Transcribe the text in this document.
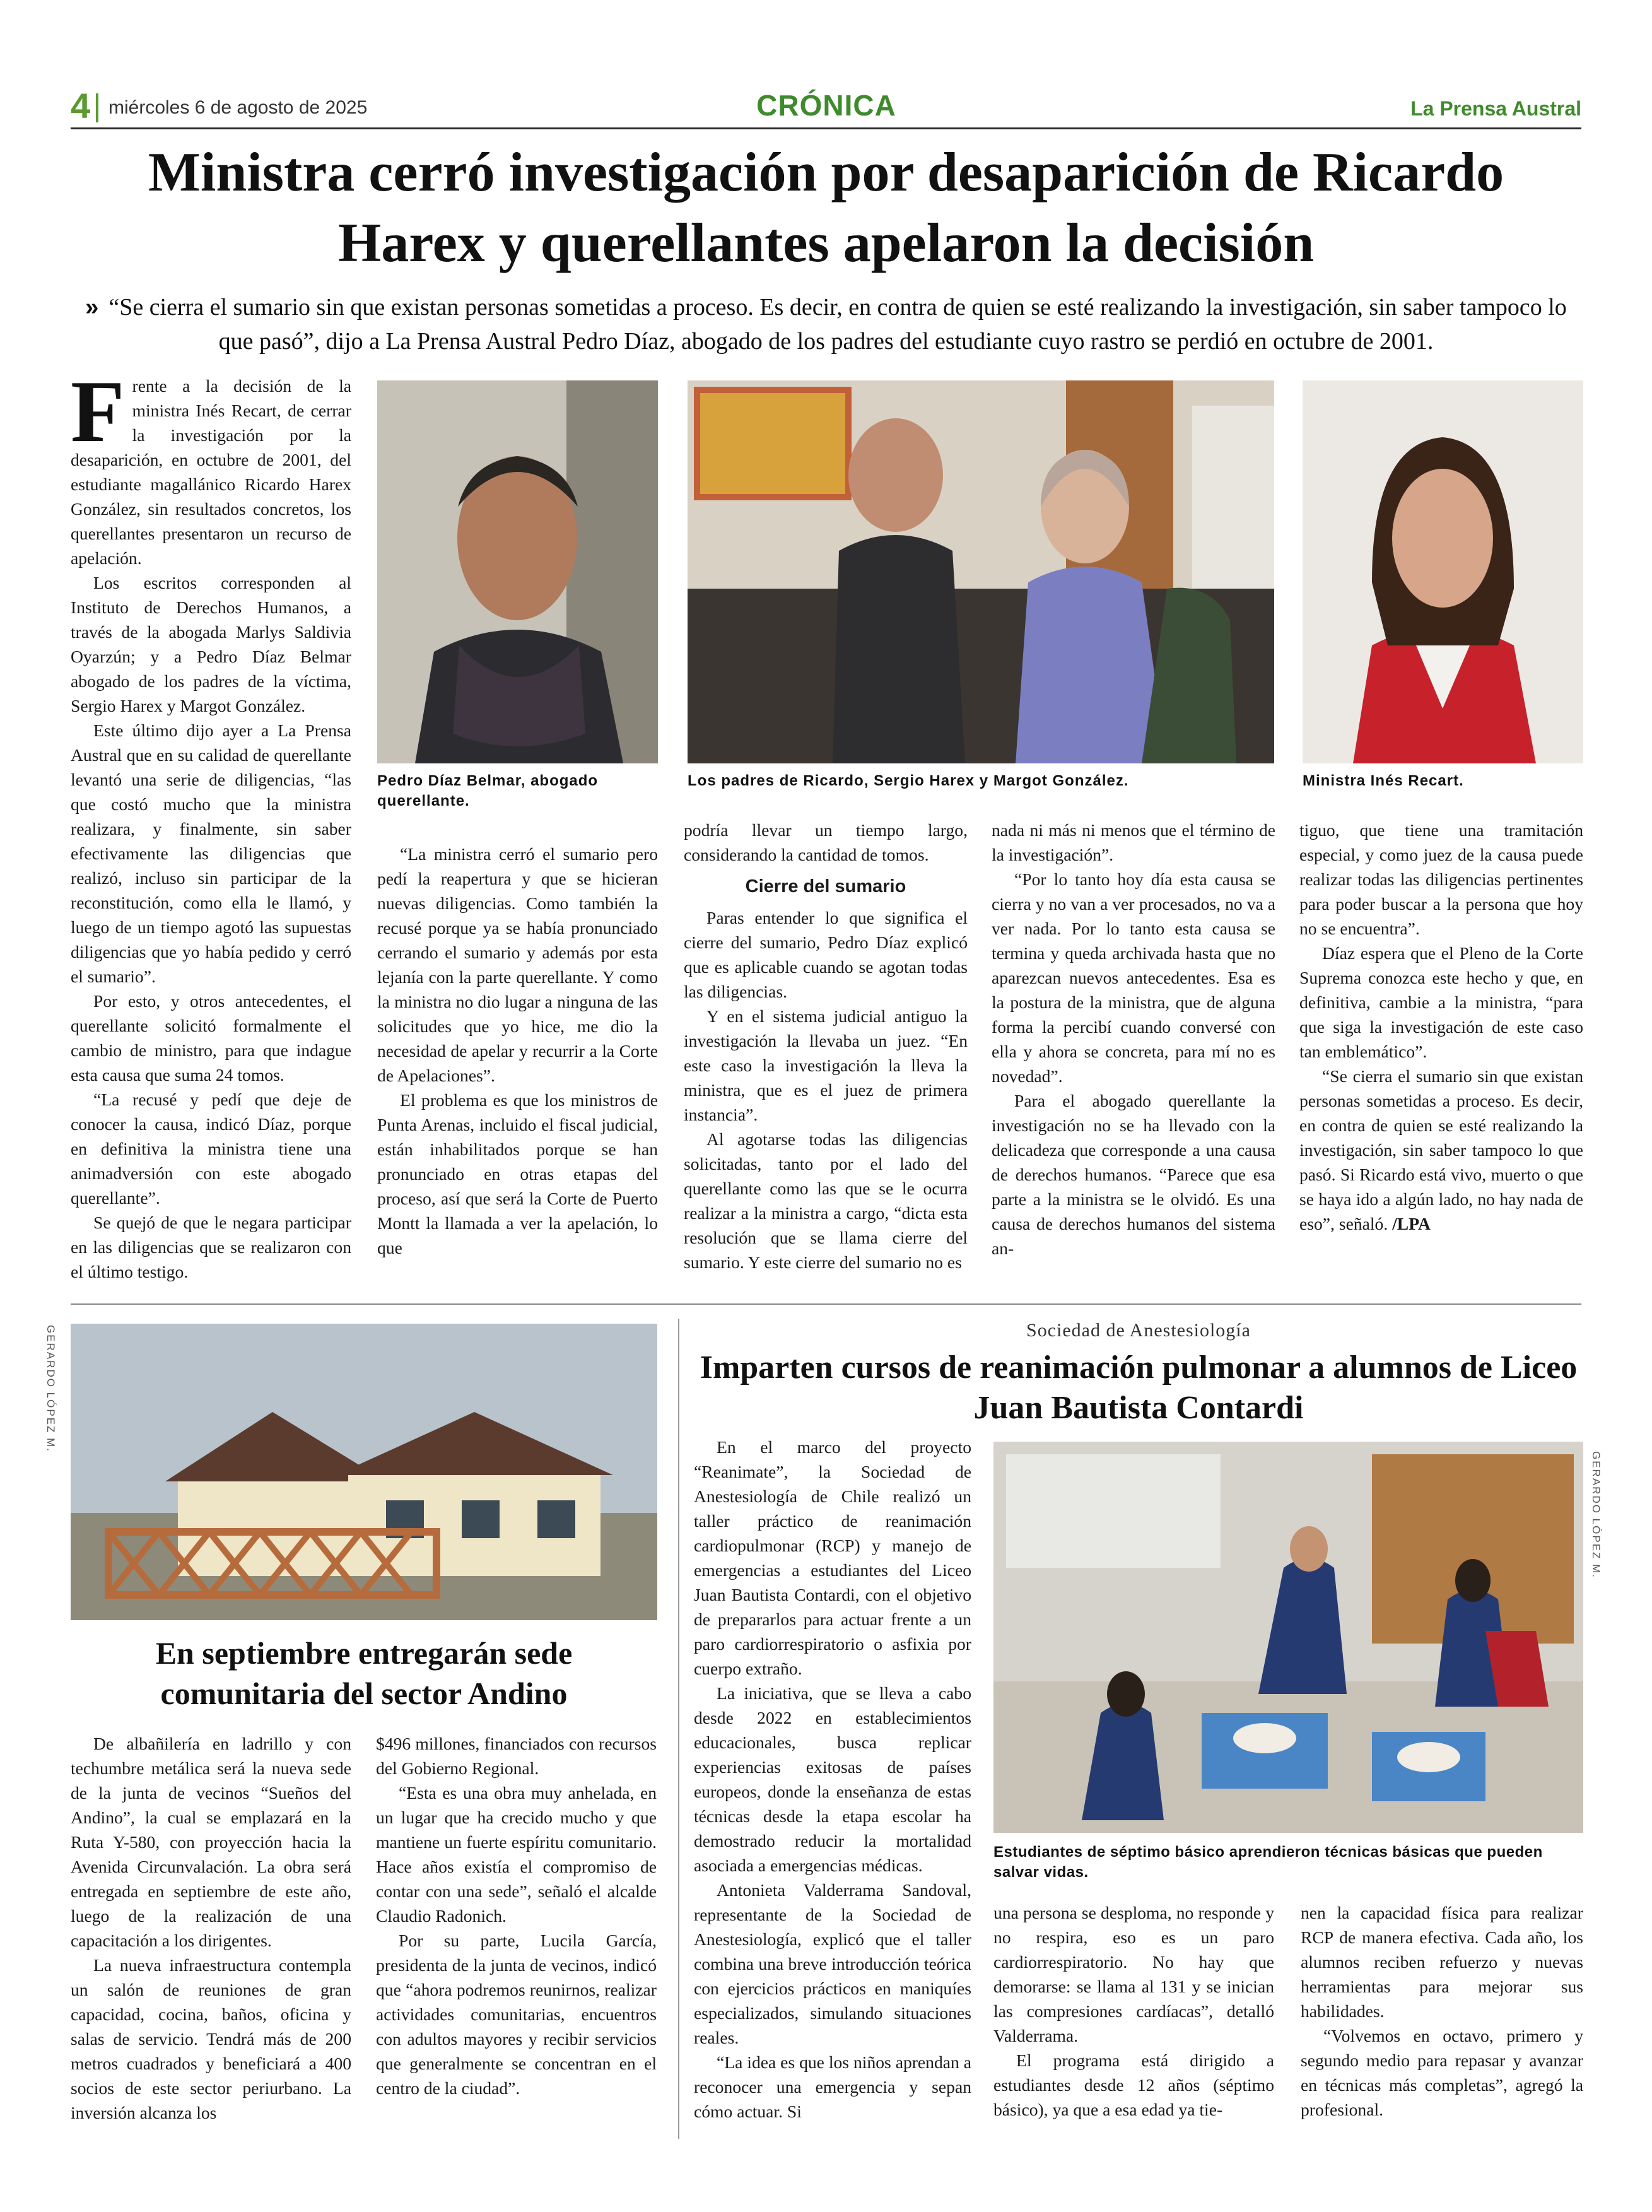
4 miércoles 6 de agosto de 2025	CRÓNICA	La Prensa Austral
Ministra cerró investigación por desaparición de Ricardo Harex y querellantes apelaron la decisión
» “Se cierra el sumario sin que existan personas sometidas a proceso. Es decir, en contra de quien se esté realizando la investigación, sin saber tampoco lo que pasó”, dijo a La Prensa Austral Pedro Díaz, abogado de los padres del estudiante cuyo rastro se perdió en octubre de 2001.
F rente a la decisión de la ministra Inés Recart, de cerrar la investigación por la desaparición, en octubre de 2001, del estudiante magallánico Ricardo Harex González, sin resultados concretos, los querellantes presentaron un recurso de apelación.

Los escritos corresponden al Instituto de Derechos Humanos, a través de la abogada Marlys Saldivia Oyarzún; y a Pedro Díaz Belmar abogado de los padres de la víctima, Sergio Harex y Margot González.

Este último dijo ayer a La Prensa Austral que en su calidad de querellante levantó una serie de diligencias, “las que costó mucho que la ministra realizara, y finalmente, sin saber efectivamente las diligencias que realizó, incluso sin participar de la reconstitución, como ella le llamó, y luego de un tiempo agotó las supuestas diligencias que yo había pedido y cerró el sumario”.

Por esto, y otros antecedentes, el querellante solicitó formalmente el cambio de ministro, para que indague esta causa que suma 24 tomos.

“La recusé y pedí que deje de conocer la causa, indicó Díaz, porque en definitiva la ministra tiene una animadversión con este abogado querellante”.

Se quejó de que le negara participar en las diligencias que se realizaron con el último testigo.

Pedro Díaz Belmar, abogado querellante.
Los padres de Ricardo, Sergio Harex y Margot González.	Ministra Inés Recart.

“La ministra cerró el sumario pero pedí la reapertura y que se hicieran nuevas diligencias. Como también la recusé porque ya se había pronunciado cerrando el sumario y además por esta lejanía con la parte querellante. Y como la ministra no dio lugar a ninguna de las solicitudes que yo hice, me dio la necesidad de apelar y recurrir a la Corte de Apelaciones”.

El problema es que los ministros de Punta Arenas, incluido el fiscal judicial, están inhabilitados porque se han pronunciado en otras etapas del proceso, así que será la Corte de Puerto Montt la llamada a ver la apelación, lo que

podría llevar un tiempo largo, considerando la cantidad de tomos.

Cierre del sumario

Paras entender lo que significa el cierre del sumario, Pedro Díaz explicó que es aplicable cuando se agotan todas las diligencias.

Y en el sistema judicial antiguo la investigación la llevaba un juez. “En este caso la investigación la lleva la ministra, que es el juez de primera instancia”.

Al agotarse todas las diligencias solicitadas, tanto por el lado del querellante como las que se le ocurra realizar a la ministra a cargo, “dicta esta resolución que se llama cierre del sumario. Y este cierre del sumario no es

nada ni más ni menos que el término de la investigación”.

“Por lo tanto hoy día esta causa se cierra y no van a ver procesados, no va a ver nada. Por lo tanto esta causa se termina y queda archivada hasta que no aparezcan nuevos antecedentes. Esa es la postura de la ministra, que de alguna forma la percibí cuando conversé con ella y ahora se concreta, para mí no es novedad”.

Para el abogado querellante la investigación no se ha llevado con la delicadeza que corresponde a una causa de derechos humanos. “Parece que esa parte a la ministra se le olvidó. Es una causa de derechos humanos del sistema an-

tiguo, que tiene una tramitación especial, y como juez de la causa puede realizar todas las diligencias pertinentes para poder buscar a la persona que hoy no se encuentra”.

Díaz espera que el Pleno de la Corte Suprema conozca este hecho y que, en definitiva, cambie a la ministra, “para que siga la investigación de este caso tan emblemático”.

“Se cierra el sumario sin que existan personas sometidas a proceso. Es decir, en contra de quien se esté realizando la investigación, sin saber tampoco lo que pasó. Si Ricardo está vivo, muerto o que se haya ido a algún lado, no hay nada de eso”, señaló. /LPA

GERARDO LÓPEZ M.
En septiembre entregarán sede comunitaria del sector Andino

De albañilería en ladrillo y con techumbre metálica será la nueva sede de la junta de vecinos “Sueños del Andino”, la cual se emplazará en la Ruta Y-580, con proyección hacia la Avenida Circunvalación. La obra será entregada en septiembre de este año, luego de la realización de una capacitación a los dirigentes.

La nueva infraestructura contempla un salón de reuniones de gran capacidad, cocina, baños, oficina y salas de servicio. Tendrá más de 200 metros cuadrados y beneficiará a 400 socios de este sector periurbano. La inversión alcanza los

$496 millones, financiados con recursos del Gobierno Regional.

“Esta es una obra muy anhelada, en un lugar que ha crecido mucho y que mantiene un fuerte espíritu comunitario. Hace años existía el compromiso de contar con una sede”, señaló el alcalde Claudio Radonich.

Por su parte, Lucila García, presidenta de la junta de vecinos, indicó que “ahora podremos reunirnos, realizar actividades comunitarias, encuentros con adultos mayores y recibir servicios que generalmente se concentran en el centro de la ciudad”.

Sociedad de Anestesiología
Imparten cursos de reanimación pulmonar a alumnos de Liceo Juan Bautista Contardi

En el marco del proyecto “Reanimate”, la Sociedad de Anestesiología de Chile realizó un taller práctico de reanimación cardiopulmonar (RCP) y manejo de emergencias a estudiantes del Liceo Juan Bautista Contardi, con el objetivo de prepararlos para actuar frente a un paro cardiorrespiratorio o asfixia por cuerpo extraño.

La iniciativa, que se lleva a cabo desde 2022 en establecimientos educacionales, busca replicar experiencias exitosas de países europeos, donde la enseñanza de estas técnicas desde la etapa escolar ha demostrado reducir la mortalidad asociada a emergencias médicas.

Antonieta Valderrama Sandoval, representante de la Sociedad de Anestesiología, explicó que el taller combina una breve introducción teórica con ejercicios prácticos en maniquíes especializados, simulando situaciones reales.

“La idea es que los niños aprendan a reconocer una emergencia y sepan cómo actuar. Si

GERARDO LÓPEZ M.
Estudiantes de séptimo básico aprendieron técnicas básicas que pueden salvar vidas.

una persona se desploma, no responde y no respira, eso es un paro cardiorrespiratorio. No hay que demorarse: se llama al 131 y se inician las compresiones cardíacas”, detalló Valderrama.

El programa está dirigido a estudiantes desde 12 años (séptimo básico), ya que a esa edad ya tie-

nen la capacidad física para realizar RCP de manera efectiva. Cada año, los alumnos reciben refuerzo y nuevas herramientas para mejorar sus habilidades.

“Volvemos en octavo, primero y segundo medio para repasar y avanzar en técnicas más completas”, agregó la profesional.
